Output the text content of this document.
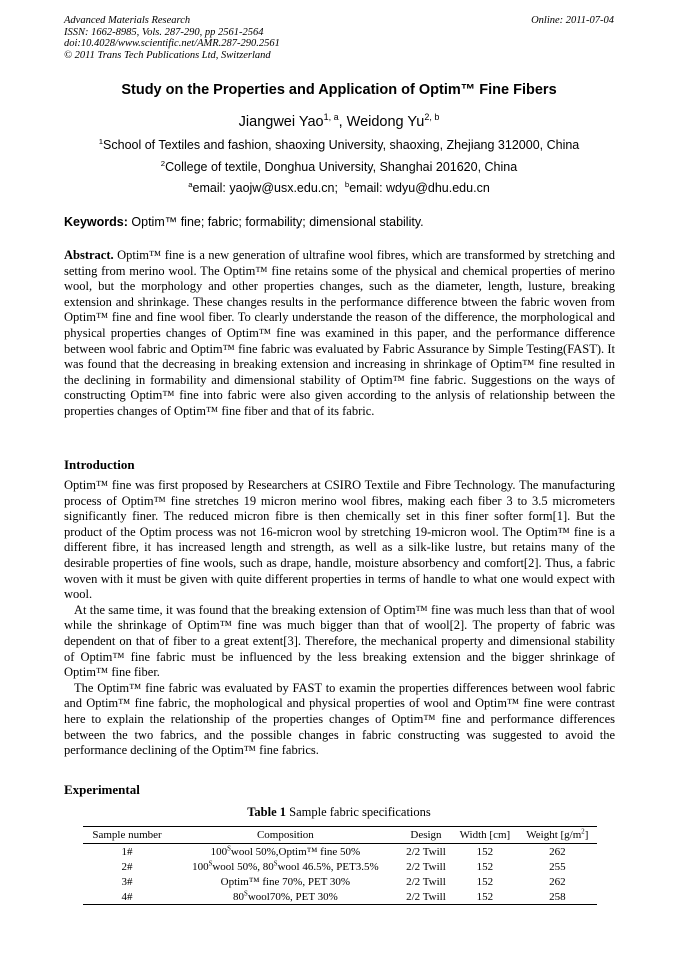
Advanced Materials Research
ISSN: 1662-8985, Vols. 287-290, pp 2561-2564
doi:10.4028/www.scientific.net/AMR.287-290.2561
© 2011 Trans Tech Publications Ltd, Switzerland
Online: 2011-07-04
Study on the Properties and Application of Optim™ Fine Fibers
Jiangwei Yao$^{1, a}$, Weidong Yu$^{2, b}$
$^1$School of Textiles and fashion, shaoxing University, shaoxing, Zhejiang 312000, China
$^2$College of textile, Donghua University, Shanghai 201620, China
$^a$email: yaojw@usx.edu.cn; $^b$email: wdyu@dhu.edu.cn
Keywords: Optim™ fine; fabric; formability; dimensional stability.
Abstract. Optim™ fine is a new generation of ultrafine wool fibres, which are transformed by stretching and setting from merino wool. The Optim™ fine retains some of the physical and chemical properties of merino wool, but the morphology and other properties changes, such as the diameter, length, lusture, breaking extension and shrinkage. These changes results in the performance difference btween the fabric woven from Optim™ fine and fine wool fiber. To clearly understande the reason of the difference, the morphological and physical properties changes of Optim™ fine was examined in this paper, and the performance difference between wool fabric and Optim™ fine fabric was evaluated by Fabric Assurance by Simple Testing(FAST). It was found that the decreasing in breaking extension and increasing in shrinkage of Optim™ fine resulted in the declining in formability and dimensional stability of Optim™ fine fabric. Suggestions on the ways of constructing Optim™ fine into fabric were also given according to the anlysis of relationship between the properties changes of Optim™ fine fiber and that of its fabric.
Introduction

Optim™ fine was first proposed by Researchers at CSIRO Textile and Fibre Technology. The manufacturing process of Optim™ fine stretches 19 micron merino wool fibres, making each fiber 3 to 3.5 micrometers significantly finer. The reduced micron fibre is then chemically set in this finer softer form[1]. But the product of the Optim process was not 16-micron wool by stretching 19-micron wool. The Optim™ fine is a different fibre, it has increased length and strength, as well as a silk-like lustre, but retains many of the desirable properties of fine wools, such as drape, handle, moisture absorbency and comfort[2]. Thus, a fabric woven with it must be given with quite different properties in terms of handle to what one would expect with wool.

At the same time, it was found that the breaking extension of Optim™ fine was much less than that of wool while the shrinkage of Optim™ fine was much bigger than that of wool[2]. The property of fabric was dependent on that of fiber to a great extent[3]. Therefore, the mechanical property and dimensional stability of Optim™ fine fabric must be influenced by the less breaking extension and the bigger shrinkage of Optim™ fine fiber.

The Optim™ fine fabric was evaluated by FAST to examin the properties differences between wool fabric and Optim™ fine fabric, the mophological and physical properties of wool and Optim™ fine were contrast here to explain the relationship of the properties changes of Optim™ fine and performance differences between the two fabrics, and the possible changes in fabric constructing was suggested to avoid the performance declining of the Optim™ fine fabrics.

Experimental
Table 1 Sample fabric specifications
Sample number	Composition	Design	Width [cm]	Weight $[g/m^2]$
1#	$100^Swool$ 50%,Optim™ fine 50%	2/2 Twill	152	262
2#	$100^Swool$ 50%, $80^Swool$ 46.5%, PET3.5%	2/2 Twill	152	255
3#	Optim™ fine 70%, PET 30%	2/2 Twill	152	262
4#	$80^Swool70\%$, PET 30%	2/2 Twill	152	258
